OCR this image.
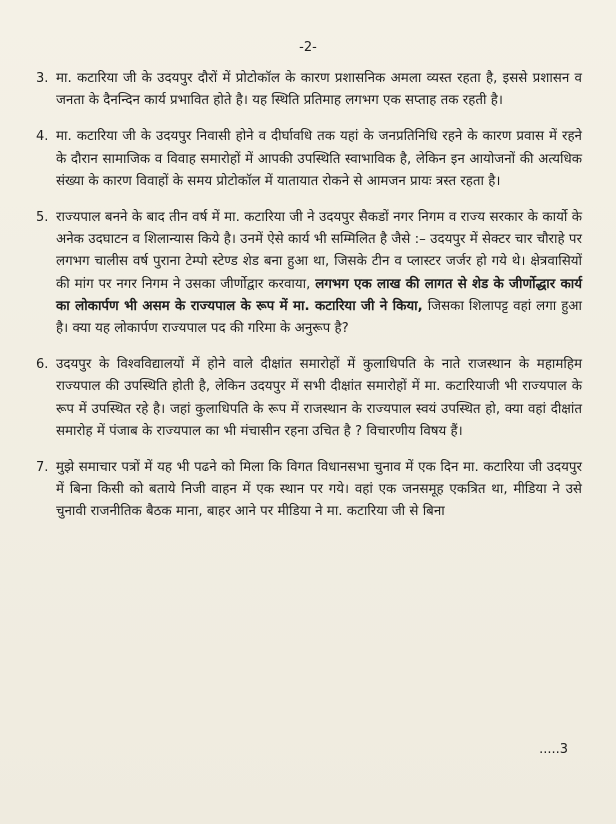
-2-
3. मा. कटारिया जी के उदयपुर दौरों में प्रोटोकॉल के कारण प्रशासनिक अमला व्यस्त रहता है, इससे प्रशासन व जनता के दैनन्दिन कार्य प्रभावित होते है। यह स्थिति प्रतिमाह लगभग एक सप्ताह तक रहती है।
4. मा. कटारिया जी के उदयपुर निवासी होने व दीर्घावधि तक यहां के जनप्रतिनिधि रहने के कारण प्रवास में रहने के दौरान सामाजिक व विवाह समारोहों में आपकी उपस्थिति स्वाभाविक है, लेकिन इन आयोजनों की अत्यधिक संख्या के कारण विवाहों के समय प्रोटोकॉल में यातायात रोकने से आमजन प्रायः त्रस्त रहता है।
5. राज्यपाल बनने के बाद तीन वर्ष में मा. कटारिया जी ने उदयपुर सैकडों नगर निगम व राज्य सरकार के कार्यो के अनेक उदघाटन व शिलान्यास किये है। उनमें ऐसे कार्य भी सम्मिलित है जैसे :– उदयपुर में सेक्टर चार चौराहे पर लगभग चालीस वर्ष पुराना टेम्पो स्टेण्ड शेड बना हुआ था, जिसके टीन व प्लास्टर जर्जर हो गये थे। क्षेत्रवासियों की मांग पर नगर निगम ने उसका जीर्णोद्वार करवाया, लगभग एक लाख की लागत से शेड के जीर्णोद्धार कार्य का लोकार्पण भी असम के राज्यपाल के रूप में मा. कटारिया जी ने किया, जिसका शिलापट्ट वहां लगा हुआ है। क्या यह लोकार्पण राज्यपाल पद की गरिमा के अनुरूप है?
6. उदयपुर के विश्वविद्यालयों में होने वाले दीक्षांत समारोहों में कुलाधिपति के नाते राजस्थान के महामहिम राज्यपाल की उपस्थिति होती है, लेकिन उदयपुर में सभी दीक्षांत समारोहों में मा. कटारियाजी भी राज्यपाल के रूप में उपस्थित रहे है। जहां कुलाधिपति के रूप में राजस्थान के राज्यपाल स्वयं उपस्थित हो, क्या वहां दीक्षांत समारोह में पंजाब के राज्यपाल का भी मंचासीन रहना उचित है ? विचारणीय विषय हैं।
7. मुझे समाचार पत्रों में यह भी पढने को मिला कि विगत विधानसभा चुनाव में एक दिन मा. कटारिया जी उदयपुर में बिना किसी को बताये निजी वाहन में एक स्थान पर गये। वहां एक जनसमूह एकत्रित था, मीडिया ने उसे चुनावी राजनीतिक बैठक माना, बाहर आने पर मीडिया ने मा. कटारिया जी से बिना
.....3
